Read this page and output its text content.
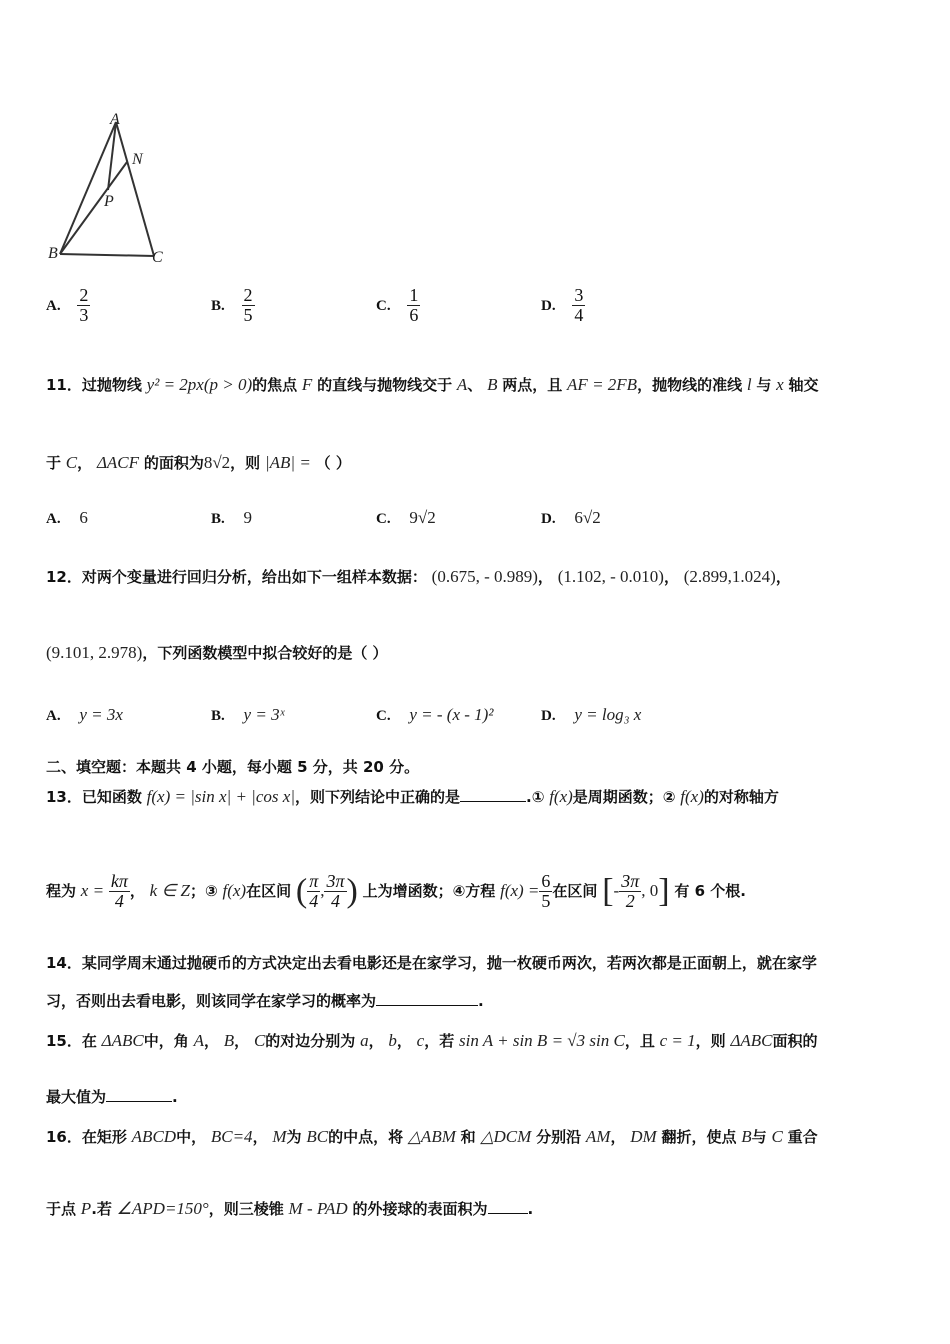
A
N
P
B	C
A. $\frac{2}{3}$	B. $\frac{2}{5}$	C. $\frac{1}{6}$	D. $\frac{3}{4}$
11．过抛物线 y² = 2px(p > 0)的焦点 F 的直线与抛物线交于 A、 B 两点，且 AF = 2FB，抛物线的准线 l 与 x 轴交
于 C， ΔACF 的面积为8√2，则 |AB| = （ ）
A. 6	B. 9	C. 9√2	D. 6√2
12．对两个变量进行回归分析，给出如下一组样本数据： (0.675, - 0.989)， (1.102, - 0.010)， (2.899,1.024)，
(9.101, 2.978)，下列函数模型中拟合较好的是（ ）
A. y = 3x	B. y = 3ˣ	C. y = - (x - 1)²	D. y = log₃ x
二、填空题：本题共 4 小题，每小题 5 分，共 20 分。
13．已知函数 f(x) = |sin x| + |cos x|，则下列结论中正确的是	.① f(x)是周期函数；② f(x)的对称轴方
程为 $x = \frac{k\pi}{4}$ ， k ∈ Z；③ f(x)在区间 ( $\frac{\pi}{4}$ , $\frac{3\pi}{4}$ ) 上为增函数；④方程 $f(x) = \frac{6}{5}$ 在区间 [- $\frac{3\pi}{2}$ , 0] 有 6 个根.
14．某同学周末通过抛硬币的方式决定出去看电影还是在家学习，抛一枚硬币两次，若两次都是正面朝上，就在家学
习，否则出去看电影，则该同学在家学习的概率为	.
15．在 ΔABC中，角 A， B， C的对边分别为 a， b， c，若 sin A + sin B = √3 sin C，且 c = 1，则 ΔABC面积的
最大值为	.
16．在矩形 ABCD中， BC=4， M为 BC的中点，将 △ABM 和 △DCM 分别沿 AM， DM 翻折，使点 B与 C 重合
于点 P.若 ∠APD=150°，则三棱锥 M - PAD 的外接球的表面积为	.
